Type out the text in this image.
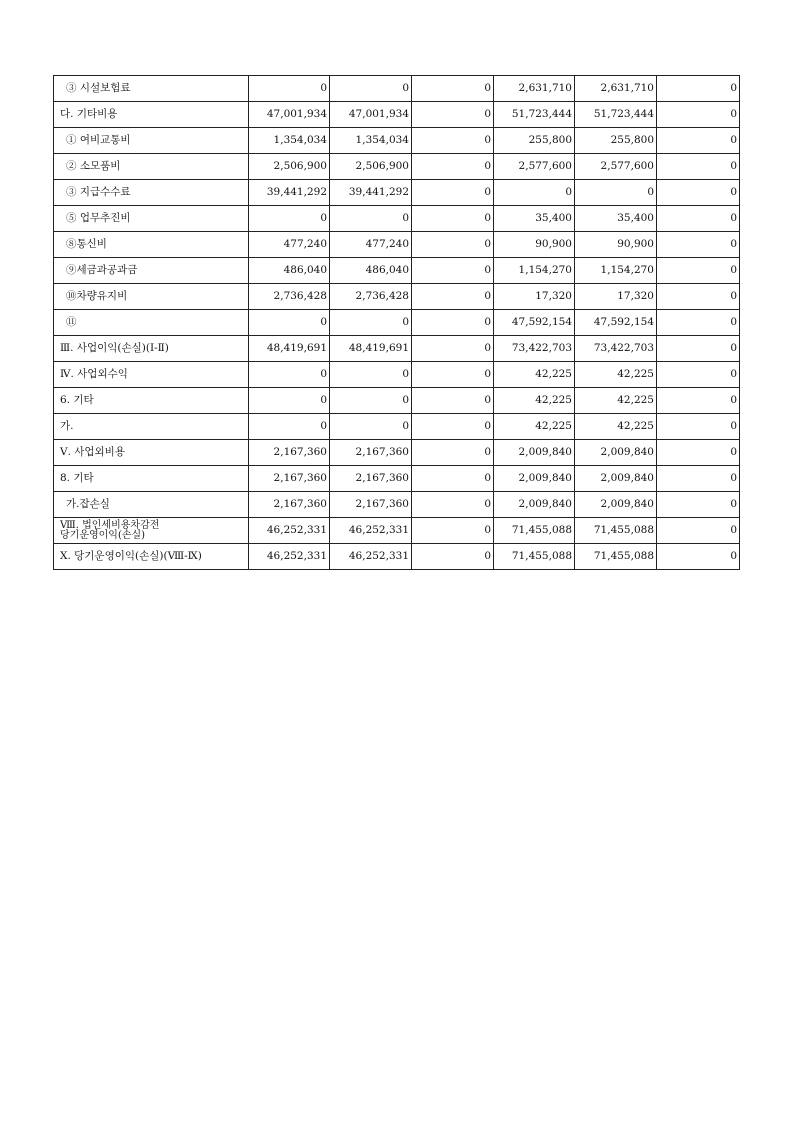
③ 시설보험료	0	0	0	2,631,710	2,631,710	0
다. 기타비용	47,001,934	47,001,934	0	51,723,444	51,723,444	0
① 여비교통비	1,354,034	1,354,034	0	255,800	255,800	0
② 소모품비	2,506,900	2,506,900	0	2,577,600	2,577,600	0
③ 지급수수료	39,441,292	39,441,292	0	0	0	0
⑤ 업무추진비	0	0	0	35,400	35,400	0
⑧통신비	477,240	477,240	0	90,900	90,900	0
⑨세금과공과금	486,040	486,040	0	1,154,270	1,154,270	0
⑩차량유지비	2,736,428	2,736,428	0	17,320	17,320	0
⑪	0	0	0	47,592,154	47,592,154	0
Ⅲ. 사업이익(손실)(Ⅰ-Ⅱ)	48,419,691	48,419,691	0	73,422,703	73,422,703	0
Ⅳ. 사업외수익	0	0	0	42,225	42,225	0
6. 기타	0	0	0	42,225	42,225	0
가.	0	0	0	42,225	42,225	0
Ⅴ. 사업외비용	2,167,360	2,167,360	0	2,009,840	2,009,840	0
8. 기타	2,167,360	2,167,360	0	2,009,840	2,009,840	0
가.잡손실	2,167,360	2,167,360	0	2,009,840	2,009,840	0

Ⅷ. 법인세비용차감전
당기운영이익(손실)	46,252,331	46,252,331	0	71,455,088	71,455,088	0
Ⅹ. 당기운영이익(손실)(Ⅷ-Ⅸ)	46,252,331	46,252,331	0	71,455,088	71,455,088	0
